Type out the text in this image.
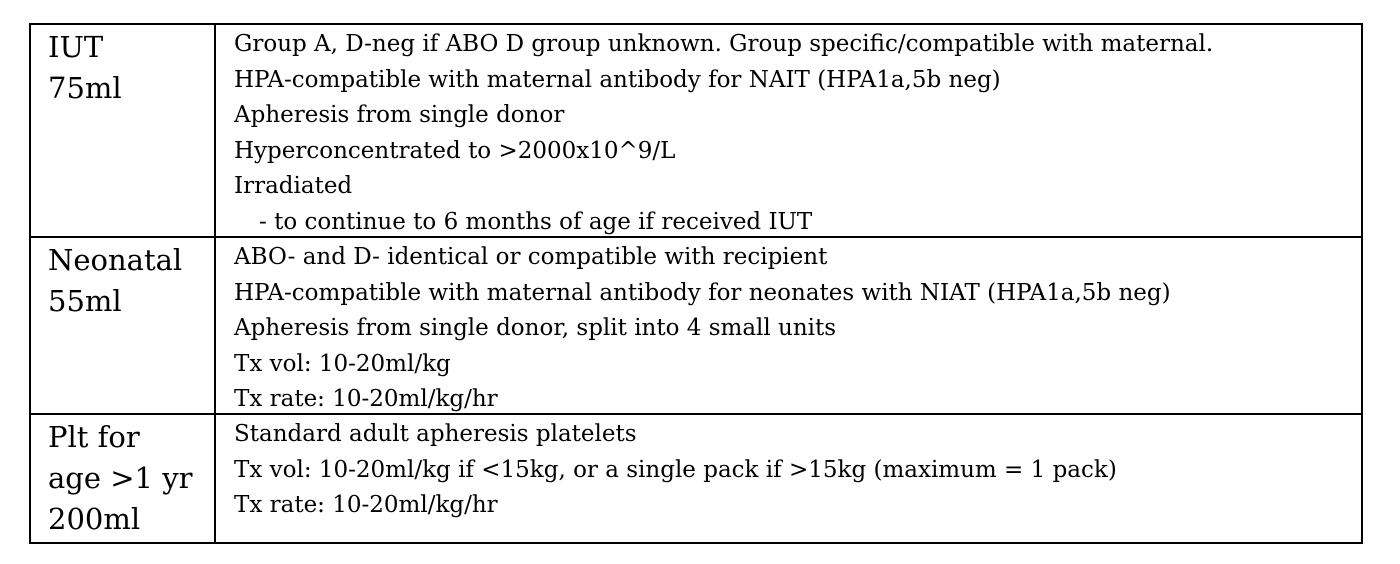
IUT
75ml
Group A, D-neg if ABO D group unknown. Group specific/compatible with maternal.
HPA-compatible with maternal antibody for NAIT (HPA1a,5b neg)
Apheresis from single donor
Hyperconcentrated to >2000x10^9/L
Irradiated
- to continue to 6 months of age if received IUT
Neonatal
55ml
ABO- and D- identical or compatible with recipient
HPA-compatible with maternal antibody for neonates with NIAT (HPA1a,5b neg)
Apheresis from single donor, split into 4 small units
Tx vol: 10-20ml/kg
Tx rate: 10-20ml/kg/hr
Plt for
age >1 yr
200ml
Standard adult apheresis platelets
Tx vol: 10-20ml/kg if <15kg, or a single pack if >15kg (maximum = 1 pack)
Tx rate: 10-20ml/kg/hr
